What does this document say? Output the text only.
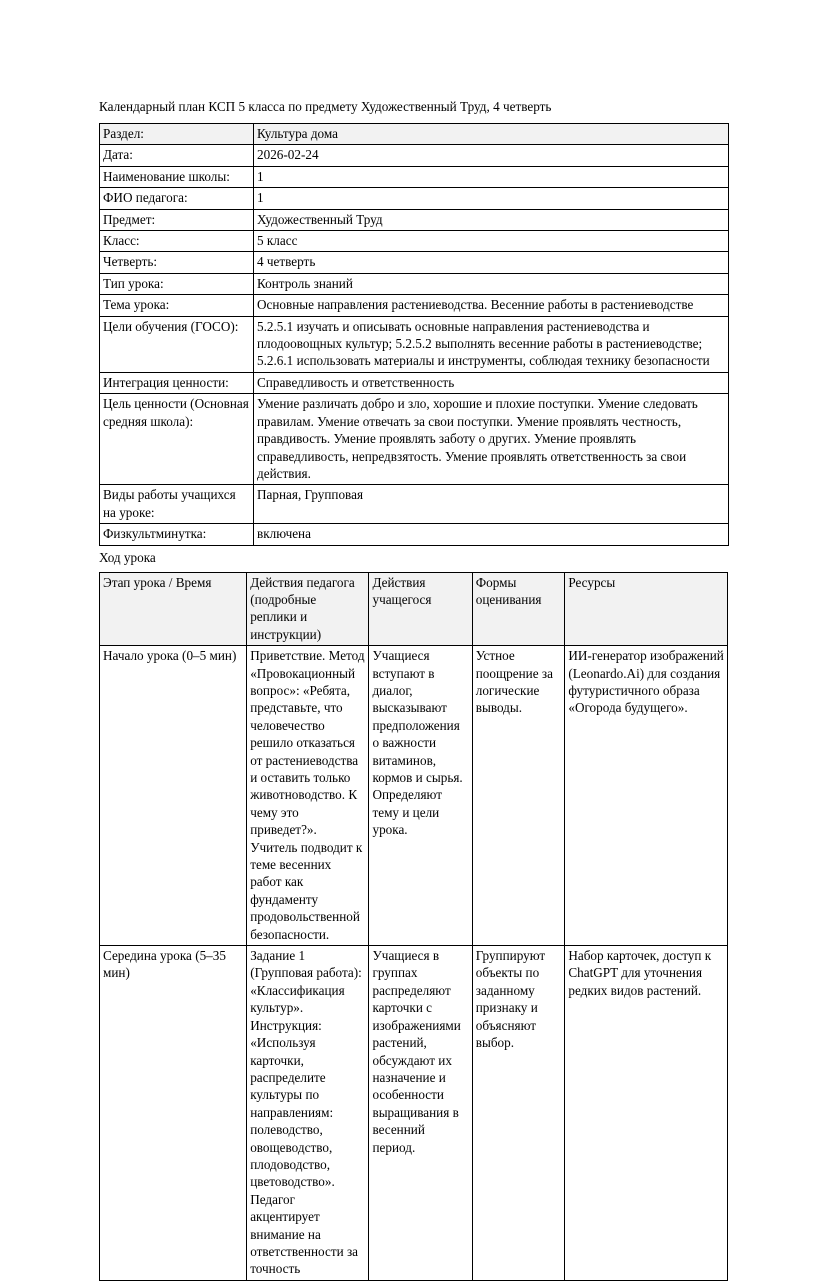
Календарный план КСП 5 класса по предмету Художественный Труд, 4 четверть

Раздел:	Культура дома
Дата:	2026-02-24
Наименование школы:	1
ФИО педагога:	1
Предмет:	Художественный Труд
Класс:	5 класс
Четверть:	4 четверть
Тип урока:	Контроль знаний
Тема урока:	Основные направления растениеводства. Весенние работы в растениеводстве
Цели обучения (ГОСО):	5.2.5.1 изучать и описывать основные направления растениеводства и плодоовощных культур; 5.2.5.2 выполнять весенние работы в растениеводстве; 5.2.6.1 использовать материалы и инструменты, соблюдая технику безопасности
Интеграция ценности:	Справедливость и ответственность
Цель ценности (Основная средняя школа):	Умение различать добро и зло, хорошие и плохие поступки. Умение следовать правилам. Умение отвечать за свои поступки. Умение проявлять честность, правдивость. Умение проявлять заботу о других. Умение проявлять справедливость, непредвзятость. Умение проявлять ответственность за свои действия.
Виды работы учащихся на уроке:	Парная, Групповая
Физкультминутка:	включена

Ход урока

Этап урока / Время	Действия педагога (подробные реплики и инструкции)	Действия учащегося	Формы оценивания	Ресурсы
Начало урока (0–5 мин)	Приветствие. Метод «Провокационный вопрос»: «Ребята, представьте, что человечество решило отказаться от растениеводства и оставить только животноводство. К чему это приведет?». Учитель подводит к теме весенних работ как фундаменту продовольственной безопасности.	Учащиеся вступают в диалог, высказывают предположения о важности витаминов, кормов и сырья. Определяют тему и цели урока.	Устное поощрение за логические выводы.	ИИ-генератор изображений (Leonardo.Ai) для создания футуристичного образа «Огорода будущего».
Середина урока (5–35 мин)	Задание 1 (Групповая работа): «Классификация культур». Инструкция: «Используя карточки, распределите культуры по направлениям: полеводство, овощеводство, плодоводство, цветоводство». Педагог акцентирует внимание на ответственности за точность	Учащиеся в группах распределяют карточки с изображениями растений, обсуждают их назначение и особенности выращивания в весенний период.	Группируют объекты по заданному признаку и объясняют выбор.	Набор карточек, доступ к ChatGPT для уточнения редких видов растений.
